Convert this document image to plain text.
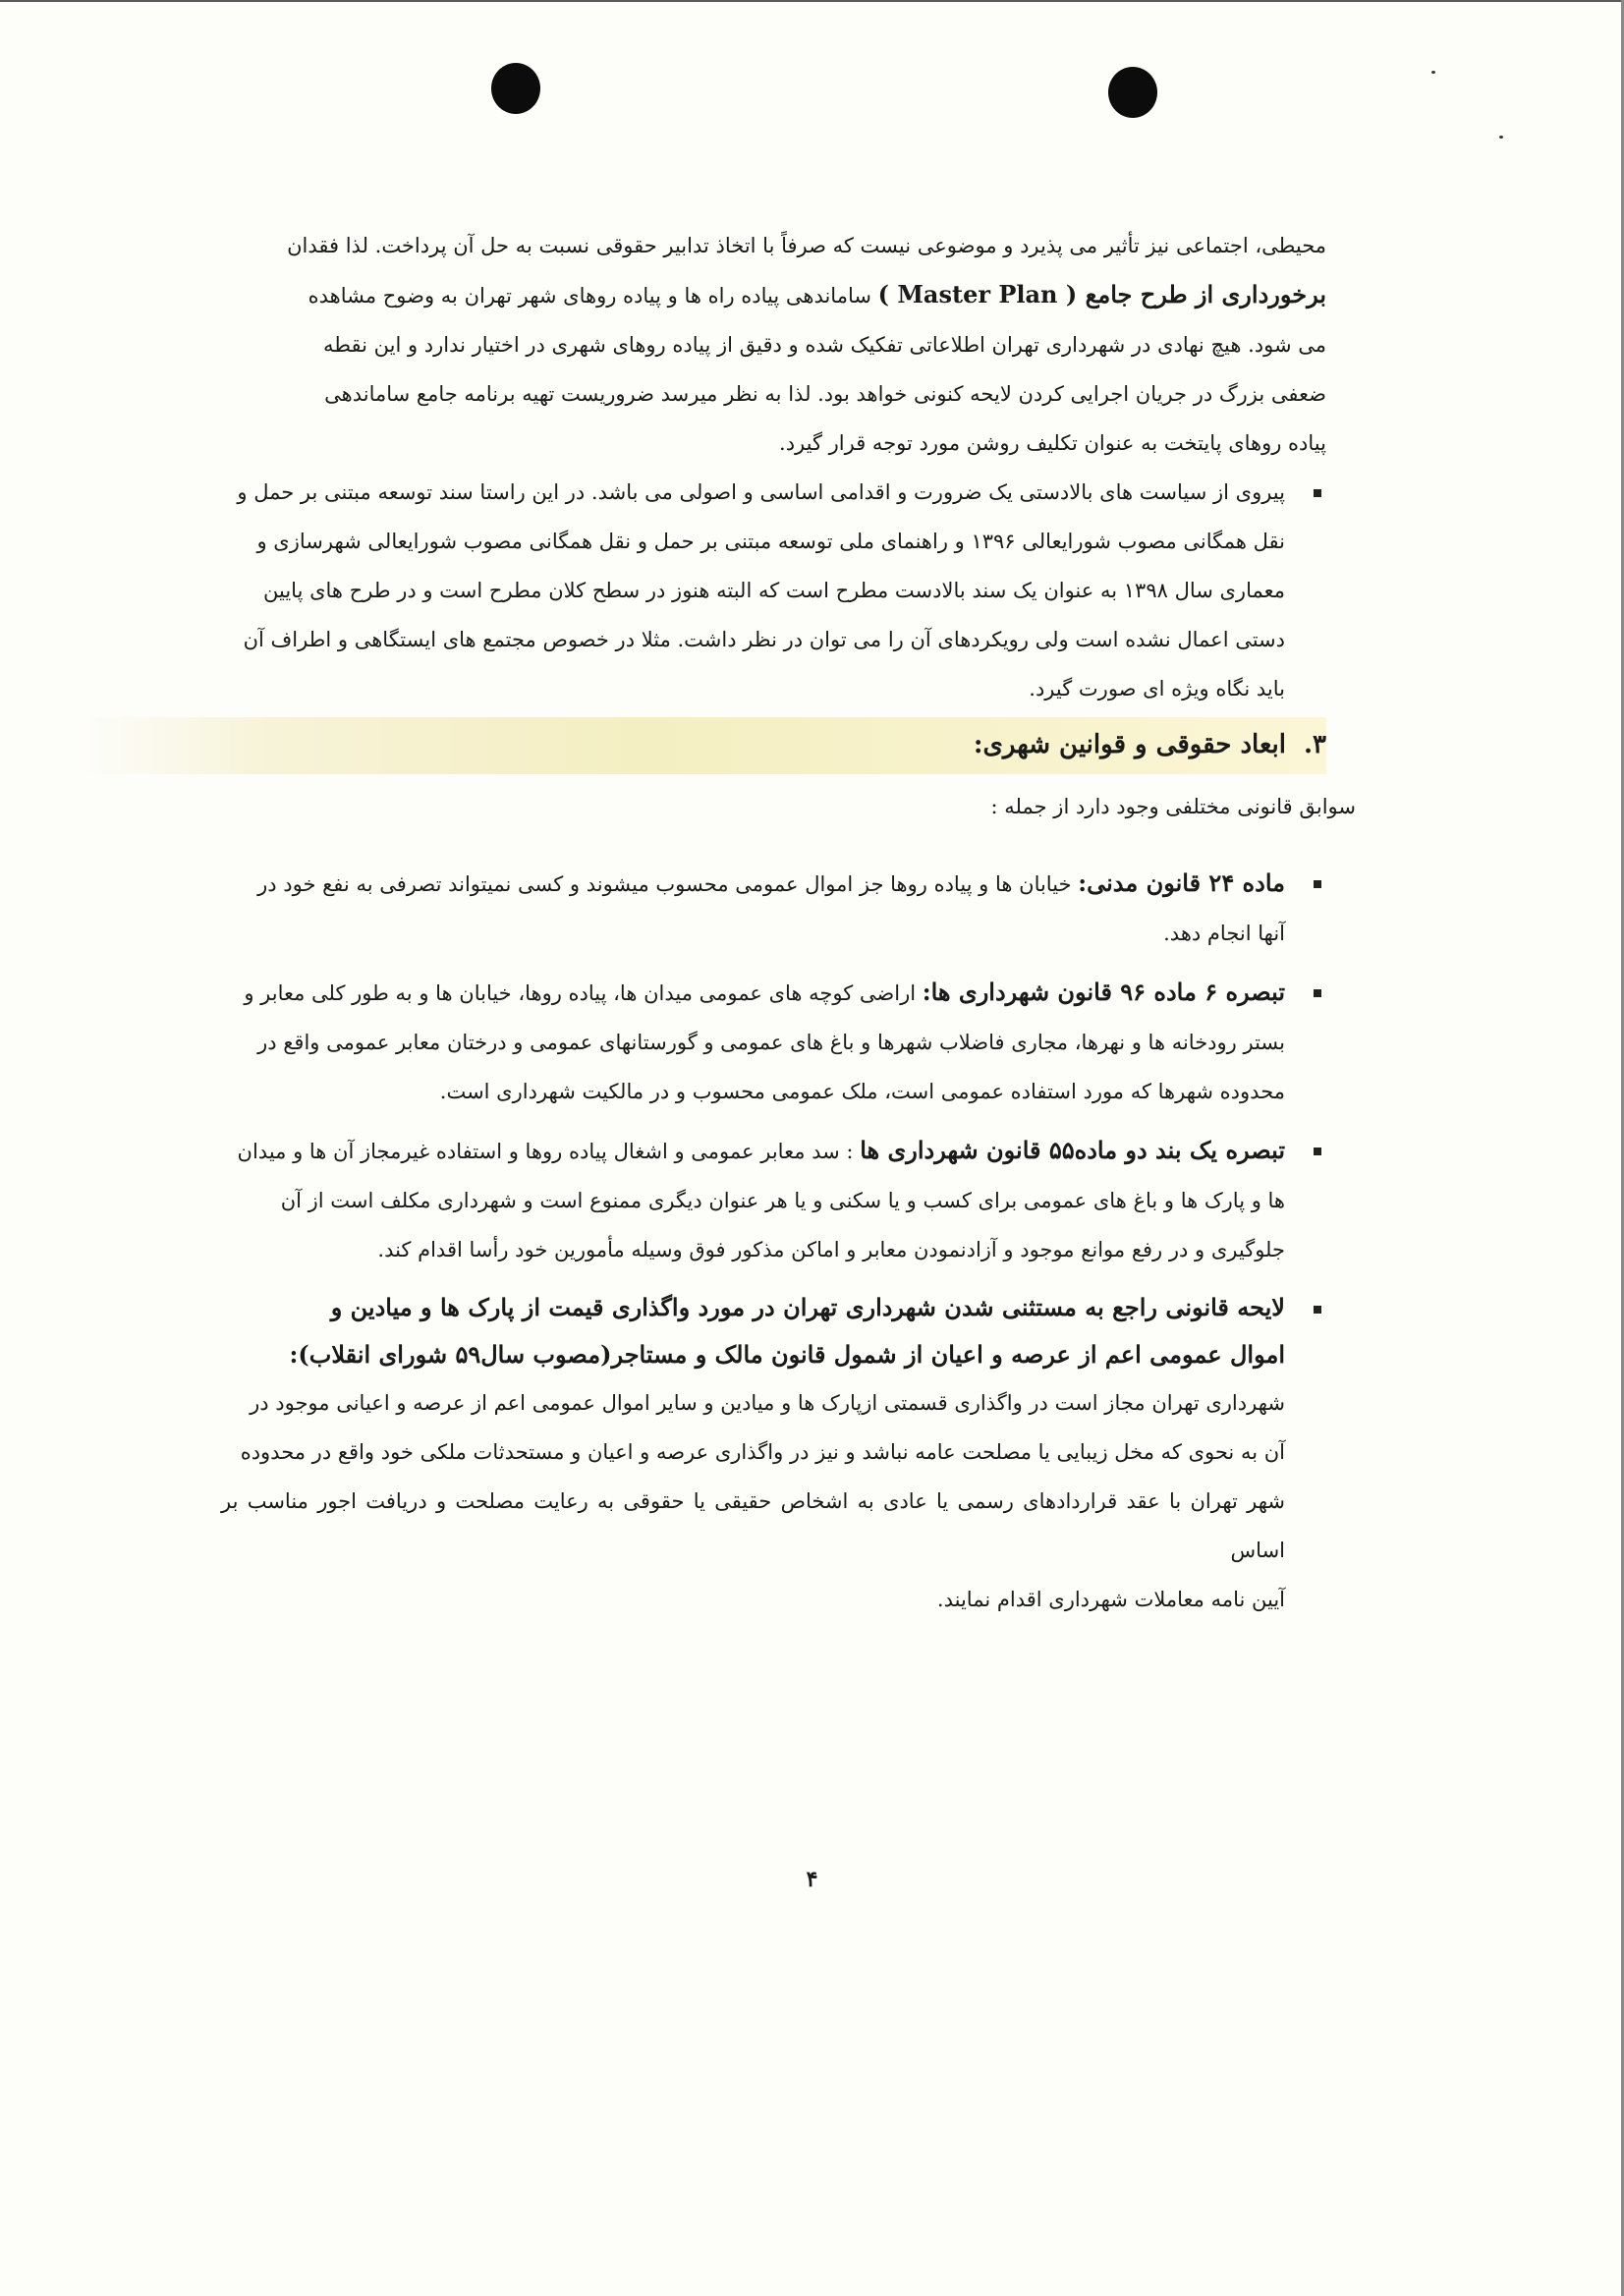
محیطی، اجتماعی نیز تأثیر می پذیرد و موضوعی نیست که صرفاً با اتخاذ تدابیر حقوقی نسبت به حل آن پرداخت. لذا فقدان

برخورداری از طرح جامع ( Master Plan ) ساماندهی پیاده راه ها و پیاده روهای شهر تهران به وضوح مشاهده

می شود. هیچ نهادی در شهرداری تهران اطلاعاتی تفکیک شده و دقیق از پیاده روهای شهری در اختیار ندارد و این نقطه

ضعفی بزرگ در جریان اجرایی کردن لایحه کنونی خواهد بود. لذا به نظر میرسد ضروریست تهیه برنامه جامع ساماندهی

پیاده روهای پایتخت به عنوان تکلیف روشن مورد توجه قرار گیرد.

پیروی از سیاست های بالادستی یک ضرورت و اقدامی اساسی و اصولی می باشد. در این راستا سند توسعه مبتنی بر حمل و
نقل همگانی مصوب شورایعالی ۱۳۹۶ و راهنمای ملی توسعه مبتنی بر حمل و نقل همگانی مصوب شورایعالی شهرسازی و
معماری سال ۱۳۹۸ به عنوان یک سند بالادست مطرح است که البته هنوز در سطح کلان مطرح است و در طرح های پایین
دستی اعمال نشده است ولی رویکردهای آن را می توان در نظر داشت. مثلا در خصوص مجتمع های ایستگاهی و اطراف آن
باید نگاه ویژه ای صورت گیرد.
۳.ابعاد حقوقی و قوانین شهری:

سوابق قانونی مختلفی وجود دارد از جمله :

ماده ۲۴ قانون مدنی: خیابان ها و پیاده روها جز اموال عمومی محسوب میشوند و کسی نمیتواند تصرفی به نفع خود در
آنها انجام دهد.
تبصره ۶ ماده ۹۶ قانون شهرداری ها: اراضی کوچه های عمومی میدان ها، پیاده روها، خیابان ها و به طور کلی معابر و
بستر رودخانه ها و نهرها، مجاری فاضلاب شهرها و باغ های عمومی و گورستانهای عمومی و درختان معابر عمومی واقع در
محدوده شهرها که مورد استفاده عمومی است، ملک عمومی محسوب و در مالکیت شهرداری است.
تبصره یک بند دو ماده۵۵ قانون شهرداری ها : سد معابر عمومی و اشغال پیاده روها و استفاده غیرمجاز آن ها و میدان
ها و پارک ها و باغ های عمومی برای کسب و یا سکنی و یا هر عنوان دیگری ممنوع است و شهرداری مکلف است از آن
جلوگیری و در رفع موانع موجود و آزادنمودن معابر و اماکن مذکور فوق وسیله مأمورین خود رأسا اقدام کند.
لایحه قانونی راجع به مستثنی شدن شهرداری تهران در مورد واگذاری قیمت از پارک ها و میادین و
اموال عمومی اعم از عرصه و اعیان از شمول قانون مالک و مستاجر(مصوب سال۵۹ شورای انقلاب):
شهرداری تهران مجاز است در واگذاری قسمتی ازپارک ها و میادین و سایر اموال عمومی اعم از عرصه و اعیانی موجود در
آن به نحوی که مخل زیبایی یا مصلحت عامه نباشد و نیز در واگذاری عرصه و اعیان و مستحدثات ملکی خود واقع در محدوده
شهر تهران با عقد قراردادهای رسمی یا عادی به اشخاص حقیقی یا حقوقی به رعایت مصلحت و دریافت اجور مناسب بر اساس
آیین نامه معاملات شهرداری اقدام نمایند.
۴
